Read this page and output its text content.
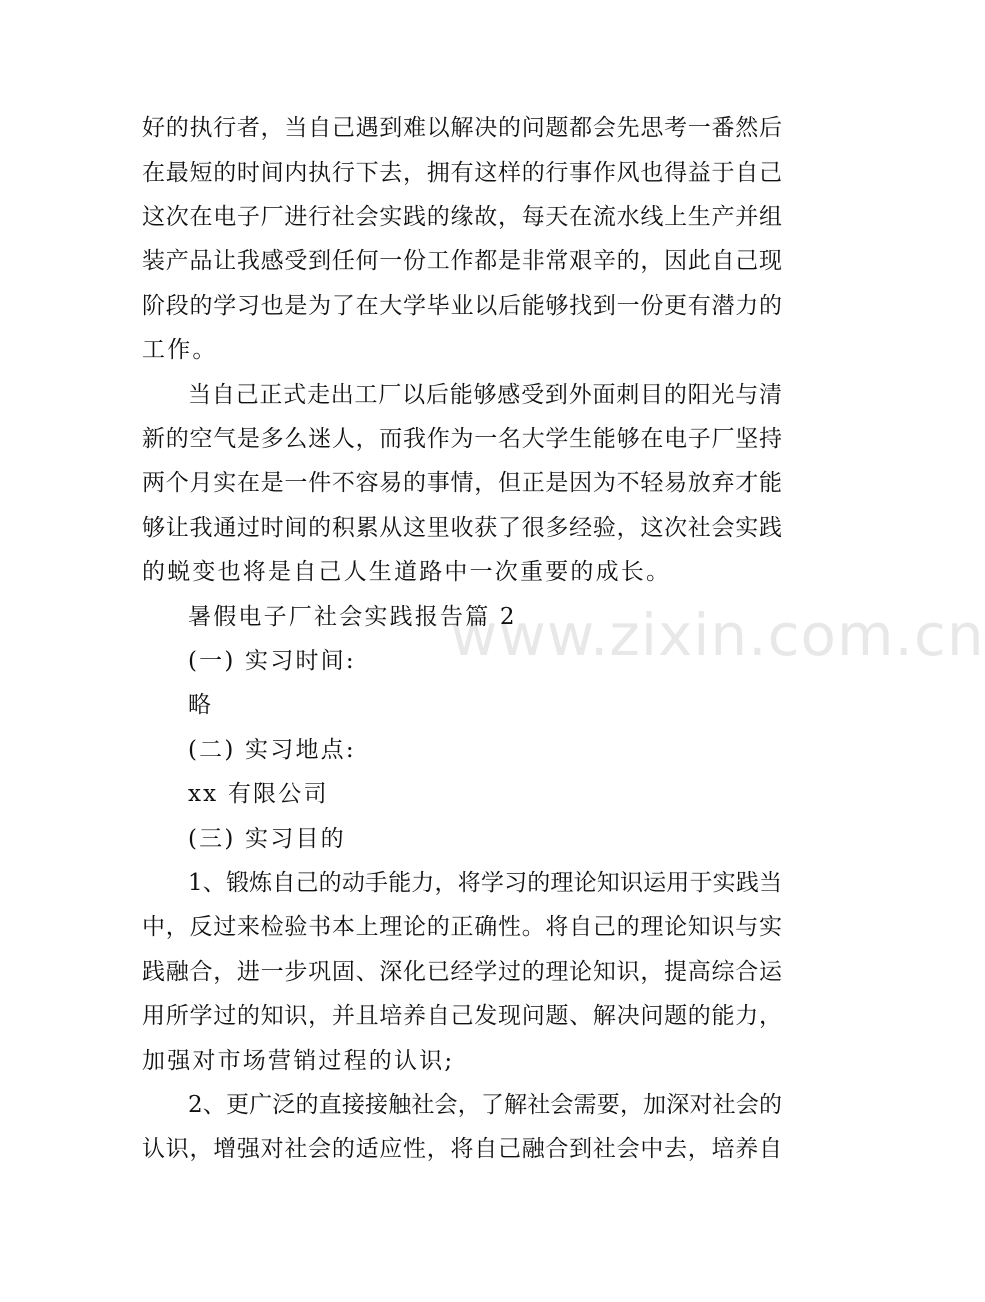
www.zixin.com.cn
好的执行者，当自己遇到难以解决的问题都会先思考一番然后
在最短的时间内执行下去，拥有这样的行事作风也得益于自己
这次在电子厂进行社会实践的缘故，每天在流水线上生产并组
装产品让我感受到任何一份工作都是非常艰辛的，因此自己现
阶段的学习也是为了在大学毕业以后能够找到一份更有潜力的
工作。
当自己正式走出工厂以后能够感受到外面刺目的阳光与清
新的空气是多么迷人，而我作为一名大学生能够在电子厂坚持
两个月实在是一件不容易的事情，但正是因为不轻易放弃才能
够让我通过时间的积累从这里收获了很多经验，这次社会实践
的蜕变也将是自己人生道路中一次重要的成长。
暑假电子厂社会实践报告篇 2
(一) 实习时间:
略
(二) 实习地点:
xx 有限公司
(三) 实习目的
1、锻炼自己的动手能力，将学习的理论知识运用于实践当
中，反过来检验书本上理论的正确性。将自己的理论知识与实
践融合，进一步巩固、深化已经学过的理论知识，提高综合运
用所学过的知识，并且培养自己发现问题、解决问题的能力，
加强对市场营销过程的认识;
2、更广泛的直接接触社会，了解社会需要，加深对社会的
认识，增强对社会的适应性，将自己融合到社会中去，培养自
